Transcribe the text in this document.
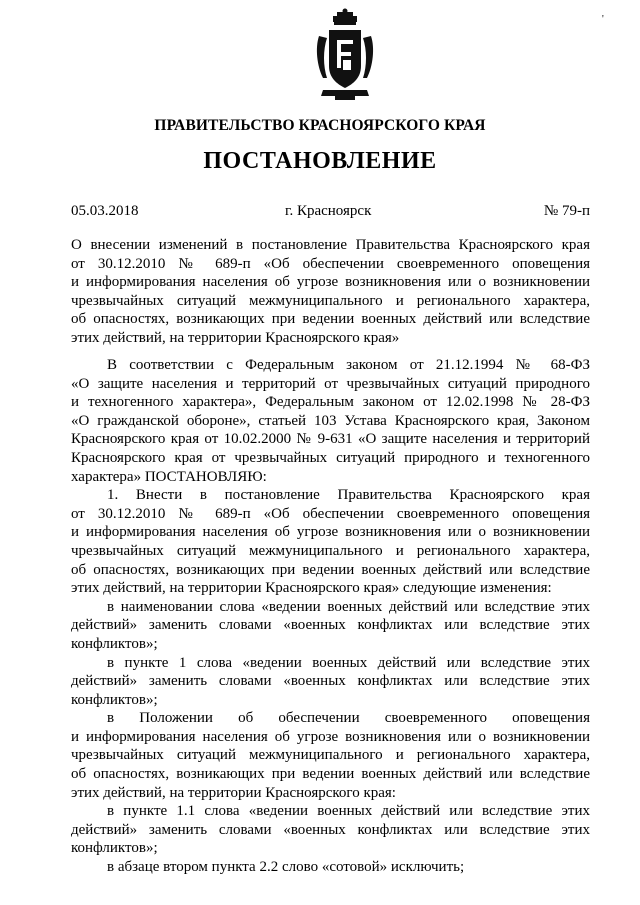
'
ПРАВИТЕЛЬСТВО КРАСНОЯРСКОГО КРАЯ
ПОСТАНОВЛЕНИЕ
05.03.2018	г. Красноярск	№ 79-п

О внесении изменений в постановление Правительства Красноярского края

от 30.12.2010 № 689-п «Об обеспечении своевременного оповещения

и информирования населения об угрозе возникновения или о возникновении

чрезвычайных ситуаций межмуниципального и регионального характера,

об опасностях, возникающих при ведении военных действий или вследствие

этих действий, на территории Красноярского края»

В соответствии с Федеральным законом от 21.12.1994 № 68-ФЗ

«О защите населения и территорий от чрезвычайных ситуаций природного

и техногенного характера», Федеральным законом от 12.02.1998 № 28-ФЗ

«О гражданской обороне», статьей 103 Устава Красноярского края, Законом

Красноярского края от 10.02.2000 № 9-631 «О защите населения и территорий

Красноярского края от чрезвычайных ситуаций природного и техногенного

характера» ПОСТАНОВЛЯЮ:

1. Внести в постановление Правительства Красноярского края

от 30.12.2010 № 689-п «Об обеспечении своевременного оповещения

и информирования населения об угрозе возникновения или о возникновении

чрезвычайных ситуаций межмуниципального и регионального характера,

об опасностях, возникающих при ведении военных действий или вследствие

этих действий, на территории Красноярского края» следующие изменения:

в наименовании слова «ведении военных действий или вследствие этих

действий» заменить словами «военных конфликтах или вследствие этих

конфликтов»;

в пункте 1 слова «ведении военных действий или вследствие этих

действий» заменить словами «военных конфликтах или вследствие этих

конфликтов»;

в Положении об обеспечении своевременного оповещения

и информирования населения об угрозе возникновения или о возникновении

чрезвычайных ситуаций межмуниципального и регионального характера,

об опасностях, возникающих при ведении военных действий или вследствие

этих действий, на территории Красноярского края:

в пункте 1.1 слова «ведении военных действий или вследствие этих

действий» заменить словами «военных конфликтах или вследствие этих

конфликтов»;

в абзаце втором пункта 2.2 слово «сотовой» исключить;
